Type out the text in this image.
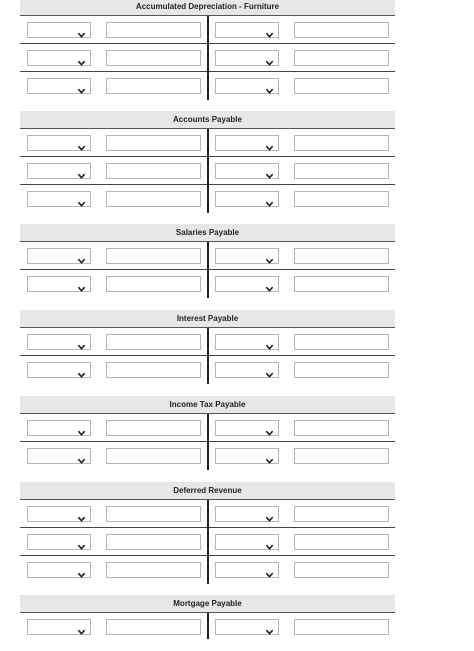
Accumulated Depreciation - Furniture
Accounts Payable
Salaries Payable
Interest Payable
Income Tax Payable
Deferred Revenue
Mortgage Payable
